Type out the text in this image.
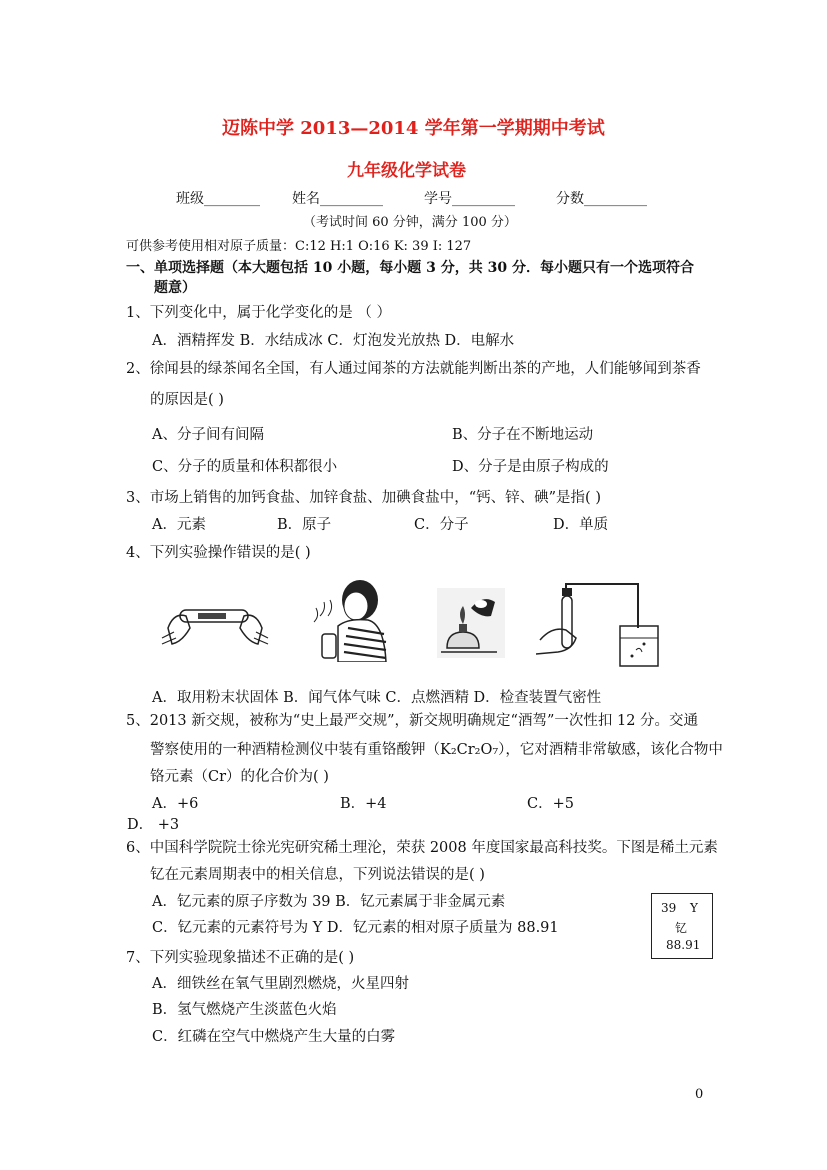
迈陈中学 2013—2014 学年第一学期期中考试
九年级化学试卷
班级________ 姓名_________	学号_________	分数_________
（考试时间 60 分钟，满分 100 分）
可供参考使用相对原子质量：C:12 H:1 O:16 K: 39 I: 127
一、单项选择题（本大题包括 10 小题，每小题 3 分，共 30 分．每小题只有一个选项符合
题意）
1、下列变化中，属于化学变化的是 （ ）
A．酒精挥发 B．水结成冰 C．灯泡发光放热 D．电解水
2、徐闻县的绿茶闻名全国，有人通过闻茶的方法就能判断出茶的产地，人们能够闻到茶香
的原因是( )
A、分子间有间隔	B、分子在不断地运动
C、分子的质量和体积都很小	D、分子是由原子构成的
3、市场上销售的加钙食盐、加锌食盐、加碘食盐中，“钙、锌、碘”是指( )
A．元素	B．原子	C．分子	D．单质
4、下列实验操作错误的是( )
A．取用粉末状固体 B．闻气体气味 C．点燃酒精 D．检查装置气密性
5、2013 新交规，被称为“史上最严交规”，新交规明确规定“酒驾”一次性扣 12 分。交通
警察使用的一种酒精检测仪中装有重铬酸钾（K₂Cr₂O₇），它对酒精非常敏感，该化合物中
铬元素（Cr）的化合价为( )
A．+6	B．+4	C．+5
D． +3
6、中国科学院院士徐光宪研究稀土理沦，荣获 2008 年度国家最高科技奖。下图是稀土元素
钇在元素周期表中的相关信息，下列说法错误的是( )
A．钇元素的原子序数为 39 B．钇元素属于非金属元素
C．钇元素的元素符号为 Y D．钇元素的相对原子质量为 88.91
39 Y
钇
88.91
7、下列实验现象描述不正确的是( )
A．细铁丝在氧气里剧烈燃烧，火星四射
B．氢气燃烧产生淡蓝色火焰
C．红磷在空气中燃烧产生大量的白雾
0
